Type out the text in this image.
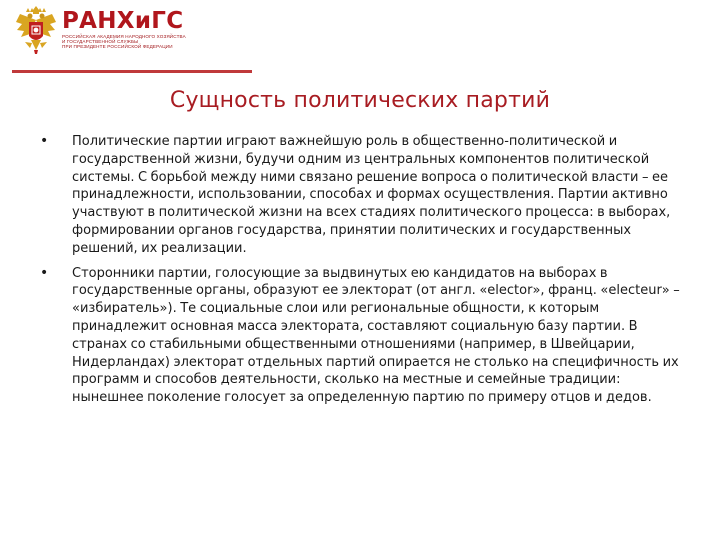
РАНХиГС
РОССИЙСКАЯ АКАДЕМИЯ НАРОДНОГО ХОЗЯЙСТВА
И ГОСУДАРСТВЕННОЙ СЛУЖБЫ
ПРИ ПРЕЗИДЕНТЕ РОССИЙСКОЙ ФЕДЕРАЦИИ
Сущность политических партий
• Политические партии играют важнейшую роль в общественно-политической и государственной жизни, будучи одним из центральных компонентов политической системы. С борьбой между ними связано решение вопроса о политической власти – ее принадлежности, использовании, способах и формах осуществления. Партии активно участвуют в политической жизни на всех стадиях политического процесса: в выборах, формировании органов государства, принятии политических и государственных решений, их реализации.
• Сторонники партии, голосующие за выдвинутых ею кандидатов на выборах в государственные органы, образуют ее электорат (от англ. «elector», франц. «electeur» – «избиратель»). Те социальные слои или региональные общности, к которым принадлежит основная масса электората, составляют социальную базу партии. В странах со стабильными общественными отношениями (например, в Швейцарии, Нидерландах) электорат отдельных партий опирается не столько на специфичность их программ и способов деятельности, сколько на местные и семейные традиции: нынешнее поколение голосует за определенную партию по примеру отцов и дедов.
